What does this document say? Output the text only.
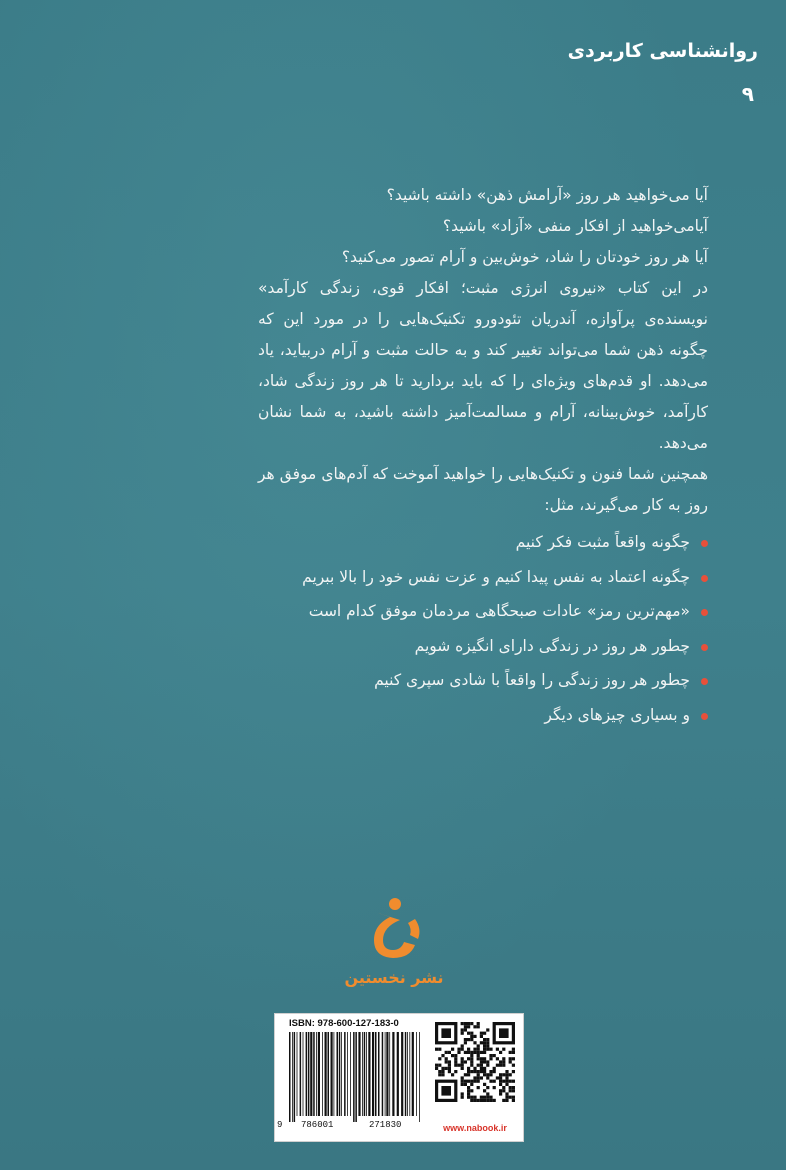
روانشناسی کاربردی
۹

آیا می‌خواهید هر روز «آرامش ذهن» داشته باشید؟

آیامی‌خواهید از افکار منفی «آزاد» باشید؟

آیا هر روز خودتان را شاد، خوش‌بین و آرام تصور می‌کنید؟

در این کتاب «نیروی انرژی مثبت؛ افکار قوی، زندگی کارآمد» نویسنده‌ی پرآوازه، آندریان تئودورو تکنیک‌هایی را در مورد این که چگونه ذهن شما می‌تواند تغییر کند و به حالت مثبت و آرام دربیاید، یاد می‌دهد. او قدم‌های ویژه‌ای را که باید بردارید تا هر روز زندگی شاد، کارآمد، خوش‌بینانه، آرام و مسالمت‌آمیز داشته باشید، به شما نشان می‌دهد.

همچنین شما فنون و تکنیک‌هایی را خواهید آموخت که آدم‌های موفق هر روز به کار می‌گیرند، مثل:

چگونه واقعاً مثبت فکر کنیم
چگونه اعتماد به نفس پیدا کنیم و عزت نفس خود را بالا ببریم
«مهم‌ترین رمز» عادات صبحگاهی مردمان موفق کدام است
چطور هر روز در زندگی دارای انگیزه شویم
چطور هر روز زندگی را واقعاً با شادی سپری کنیم
و بسیاری چیزهای دیگر
نشر نخستین
ISBN: 978-600-127-183-0
9 786001	271830	www.nabook.ir
